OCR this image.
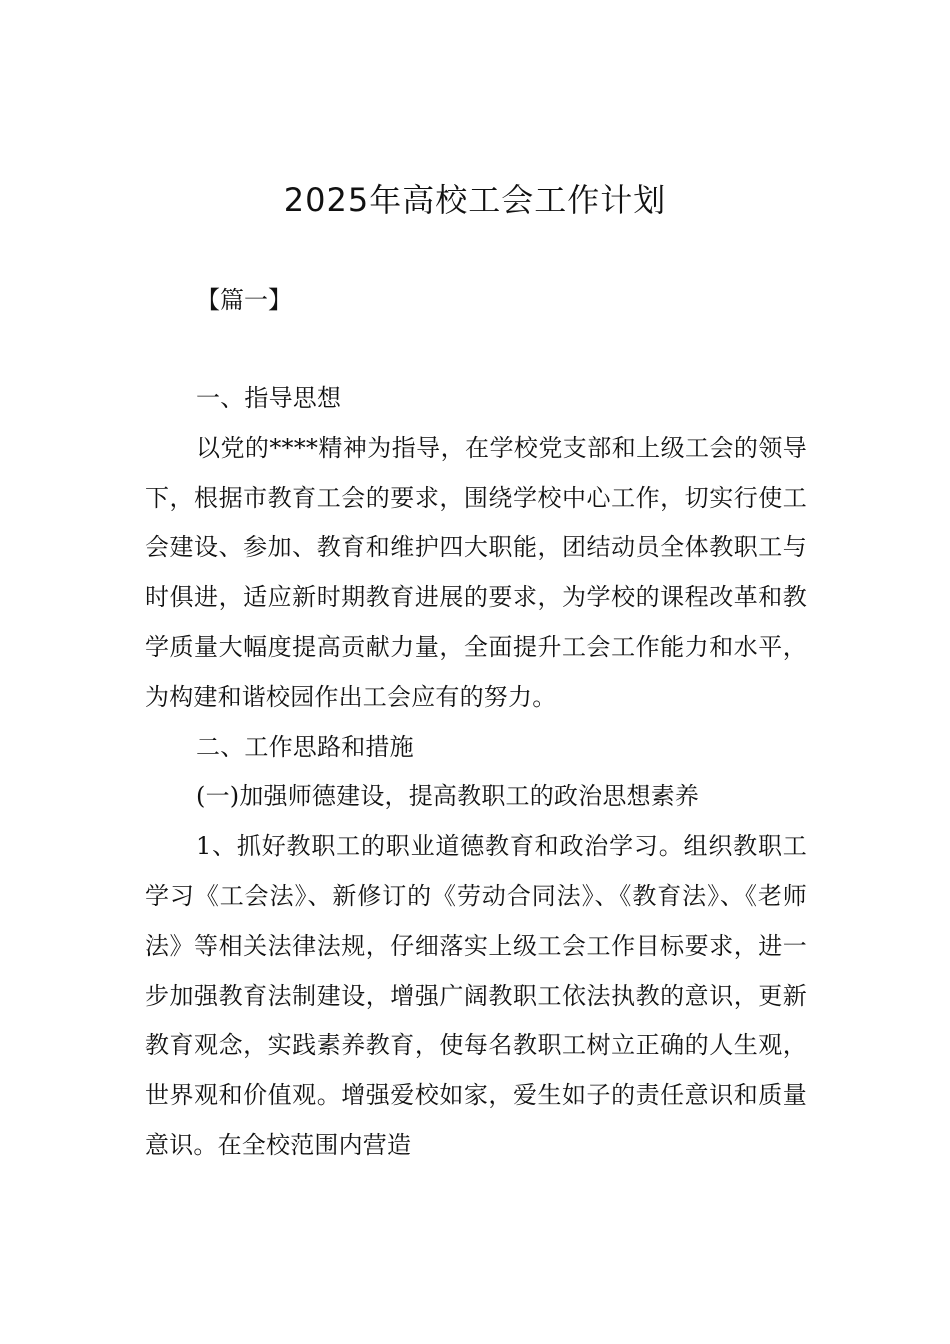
2025年高校工会工作计划
【篇一】

一、指导思想

以党的****精神为指导，在学校党支部和上级工会的领导下，根据市教育工会的要求，围绕学校中心工作，切实行使工会建设、参加、教育和维护四大职能，团结动员全体教职工与时俱进，适应新时期教育进展的要求，为学校的课程改革和教学质量大幅度提高贡献力量，全面提升工会工作能力和水平，为构建和谐校园作出工会应有的努力。

二、工作思路和措施

(一)加强师德建设，提高教职工的政治思想素养

1、抓好教职工的职业道德教育和政治学习。组织教职工学习《工会法》、新修订的《劳动合同法》、《教育法》、《老师法》等相关法律法规，仔细落实上级工会工作目标要求，进一步加强教育法制建设，增强广阔教职工依法执教的意识，更新教育观念，实践素养教育，使每名教职工树立正确的人生观，世界观和价值观。增强爱校如家，爱生如子的责任意识和质量意识。在全校范围内营造
